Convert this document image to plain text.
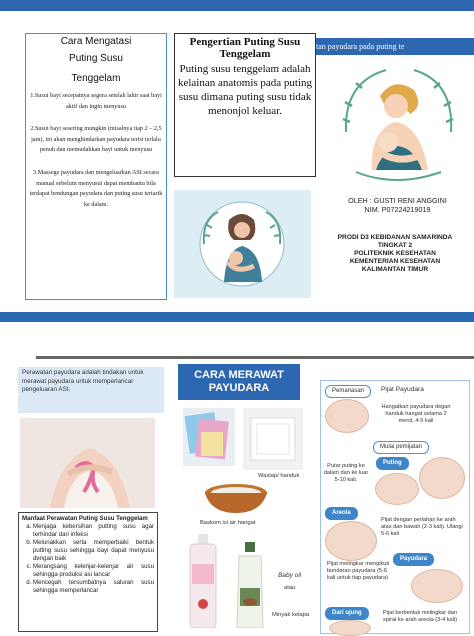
Cara Mengatasi
Puting Susu
Tenggelam

1.Susui bayi secepatnya segera setelah lahir saat bayi aktif dan ingin menyusu

2.Susui bayi sesering mungkin (misalnya tiap 2 – 2,5 jam), ini akan menghindarkan payudara terisi terlalu penuh dan memudahkan bayi untuk menyusu

3.Massege payudara dan mengeluarkan ASI secara manual sebelum menyusui dapat membantu bila terdapat bendungan payudara dan puting susu tertarik ke dalam.

Pengertian Puting Susu Tenggelam
Puting susu tenggelam adalah kelainan anatomis pada puting susu dimana puting susu tidak menonjol keluar.
tan payudara pada puting te
OLEH : GUSTI RENI ANGGINI
NIM. P07224219019
PRODI D3 KEBIDANAN SAMARINDA
TINGKAT 2
POLITEKNIK KESEHATAN
KEMENTERIAN KESEHATAN
KALIMANTAN TIMUR
Perawatan payudara adalah tindakan untuk merawat payudara untuk memperlancar pengeluaran ASI.
Manfaat Perawatan Puting Susu Tenggelam
a. Menjaga kebersihan putting susu agar terhindar dari infeksi
b. Melunakkan serta memperbaiki bentuk putting susu sehingga bayi dapat menyusu dengan baik
c. Merangsang kelenjar-kelenjar air susu sehingga produksi asi lancar
d. Mencegah tersumbatnya saluran susu sehingga memperlancar
CARA MERAWAT
PAYUDARA
Waslap/ handuk
Baskom isi air hangat
Baby oil
atau
Minyak kelapa
Pijat Payudara
Pemanasan
Hangatkan payudara degan handuk hangat selama 2 menit, 4-5 kali
Mulai pemijatan
Puting
Putar puting ke dalam dan ke luar 5-10 kali.
Areola
Pijat dengan perlahan ke arah atas dan bawah (2-3 kali). Ulangi 5-6 kali
Payudara
Pijat melingkar mengikuti bundaran payudara (5-6 kali untuk tiap payudara)
Dari ujung	Pijat berbentuk melingkar dan spiral ke arah areola (3-4 kali)
